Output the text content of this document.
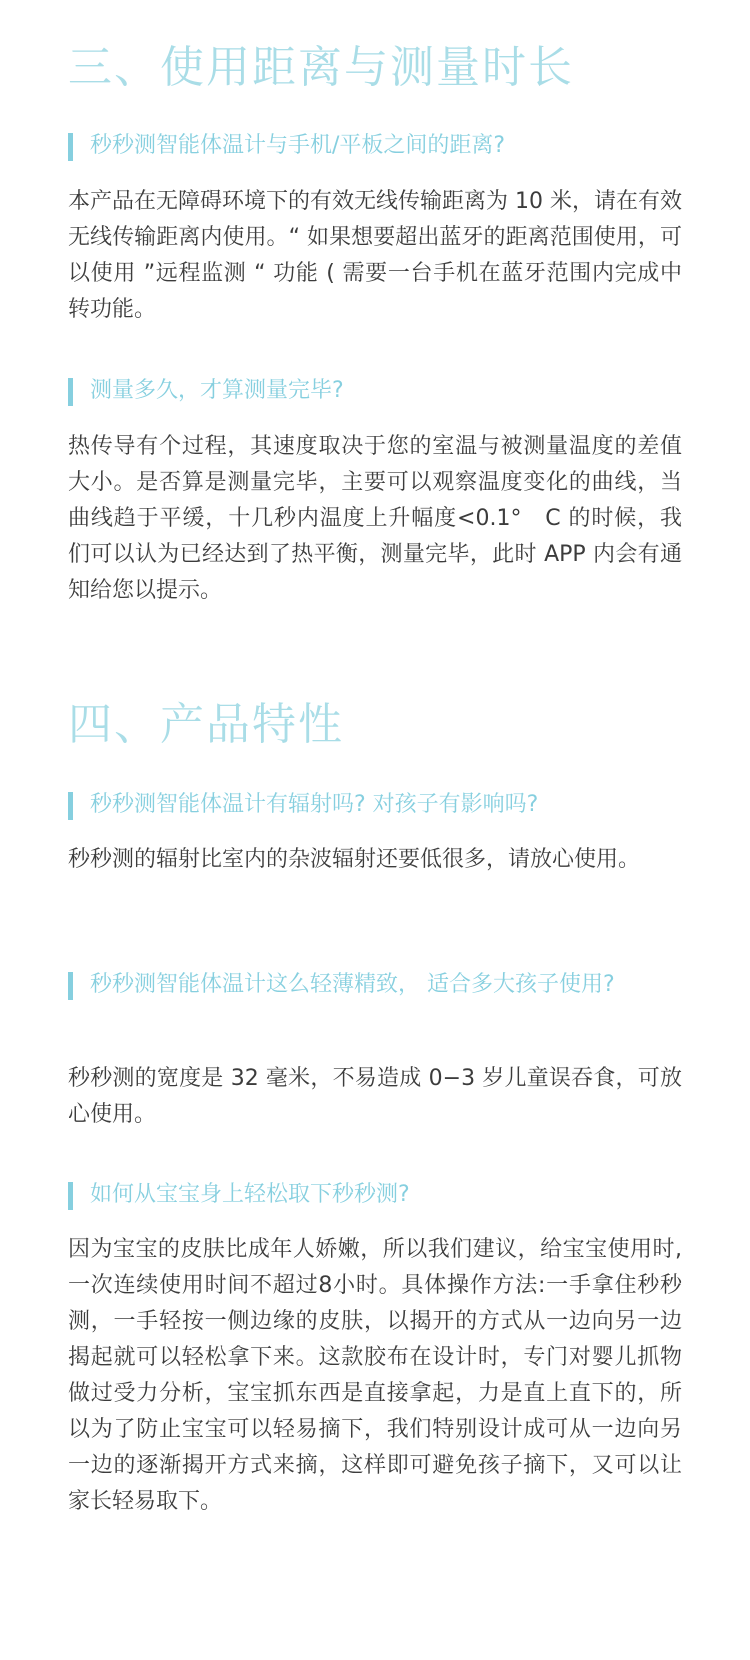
三、使用距离与测量时长
秒秒测智能体温计与手机/平板之间的距离?

本产品在无障碍环境下的有效无线传输距离为 10 米，请在有效无线传输距离内使用。“ 如果想要超出蓝牙的距离范围使用，可以使用 ”远程监测 “ 功能 ( 需要一台手机在蓝牙范围内完成中转功能。

测量多久，才算测量完毕?

热传导有个过程，其速度取决于您的室温与被测量温度的差值大小。是否算是测量完毕，主要可以观察温度变化的曲线，当曲线趋于平缓，十几秒内温度上升幅度<0.1°　C 的时候，我们可以认为已经达到了热平衡，测量完毕，此时 APP 内会有通知给您以提示。

四、产品特性
秒秒测智能体温计有辐射吗? 对孩子有影响吗?

秒秒测的辐射比室内的杂波辐射还要低很多，请放心使用。

秒秒测智能体温计这么轻薄精致， 适合多大孩子使用?

秒秒测的宽度是 32 毫米，不易造成 0−3 岁儿童误吞食，可放心使用。

如何从宝宝身上轻松取下秒秒测?

因为宝宝的皮肤比成年人娇嫩，所以我们建议，给宝宝使用时,一次连续使用时间不超过8小时。具体操作方法:一手拿住秒秒测，一手轻按一侧边缘的皮肤，以揭开的方式从一边向另一边揭起就可以轻松拿下来。这款胶布在设计时，专门对婴儿抓物做过受力分析，宝宝抓东西是直接拿起，力是直上直下的，所以为了防止宝宝可以轻易摘下，我们特别设计成可从一边向另一边的逐渐揭开方式来摘，这样即可避免孩子摘下，又可以让家长轻易取下。
